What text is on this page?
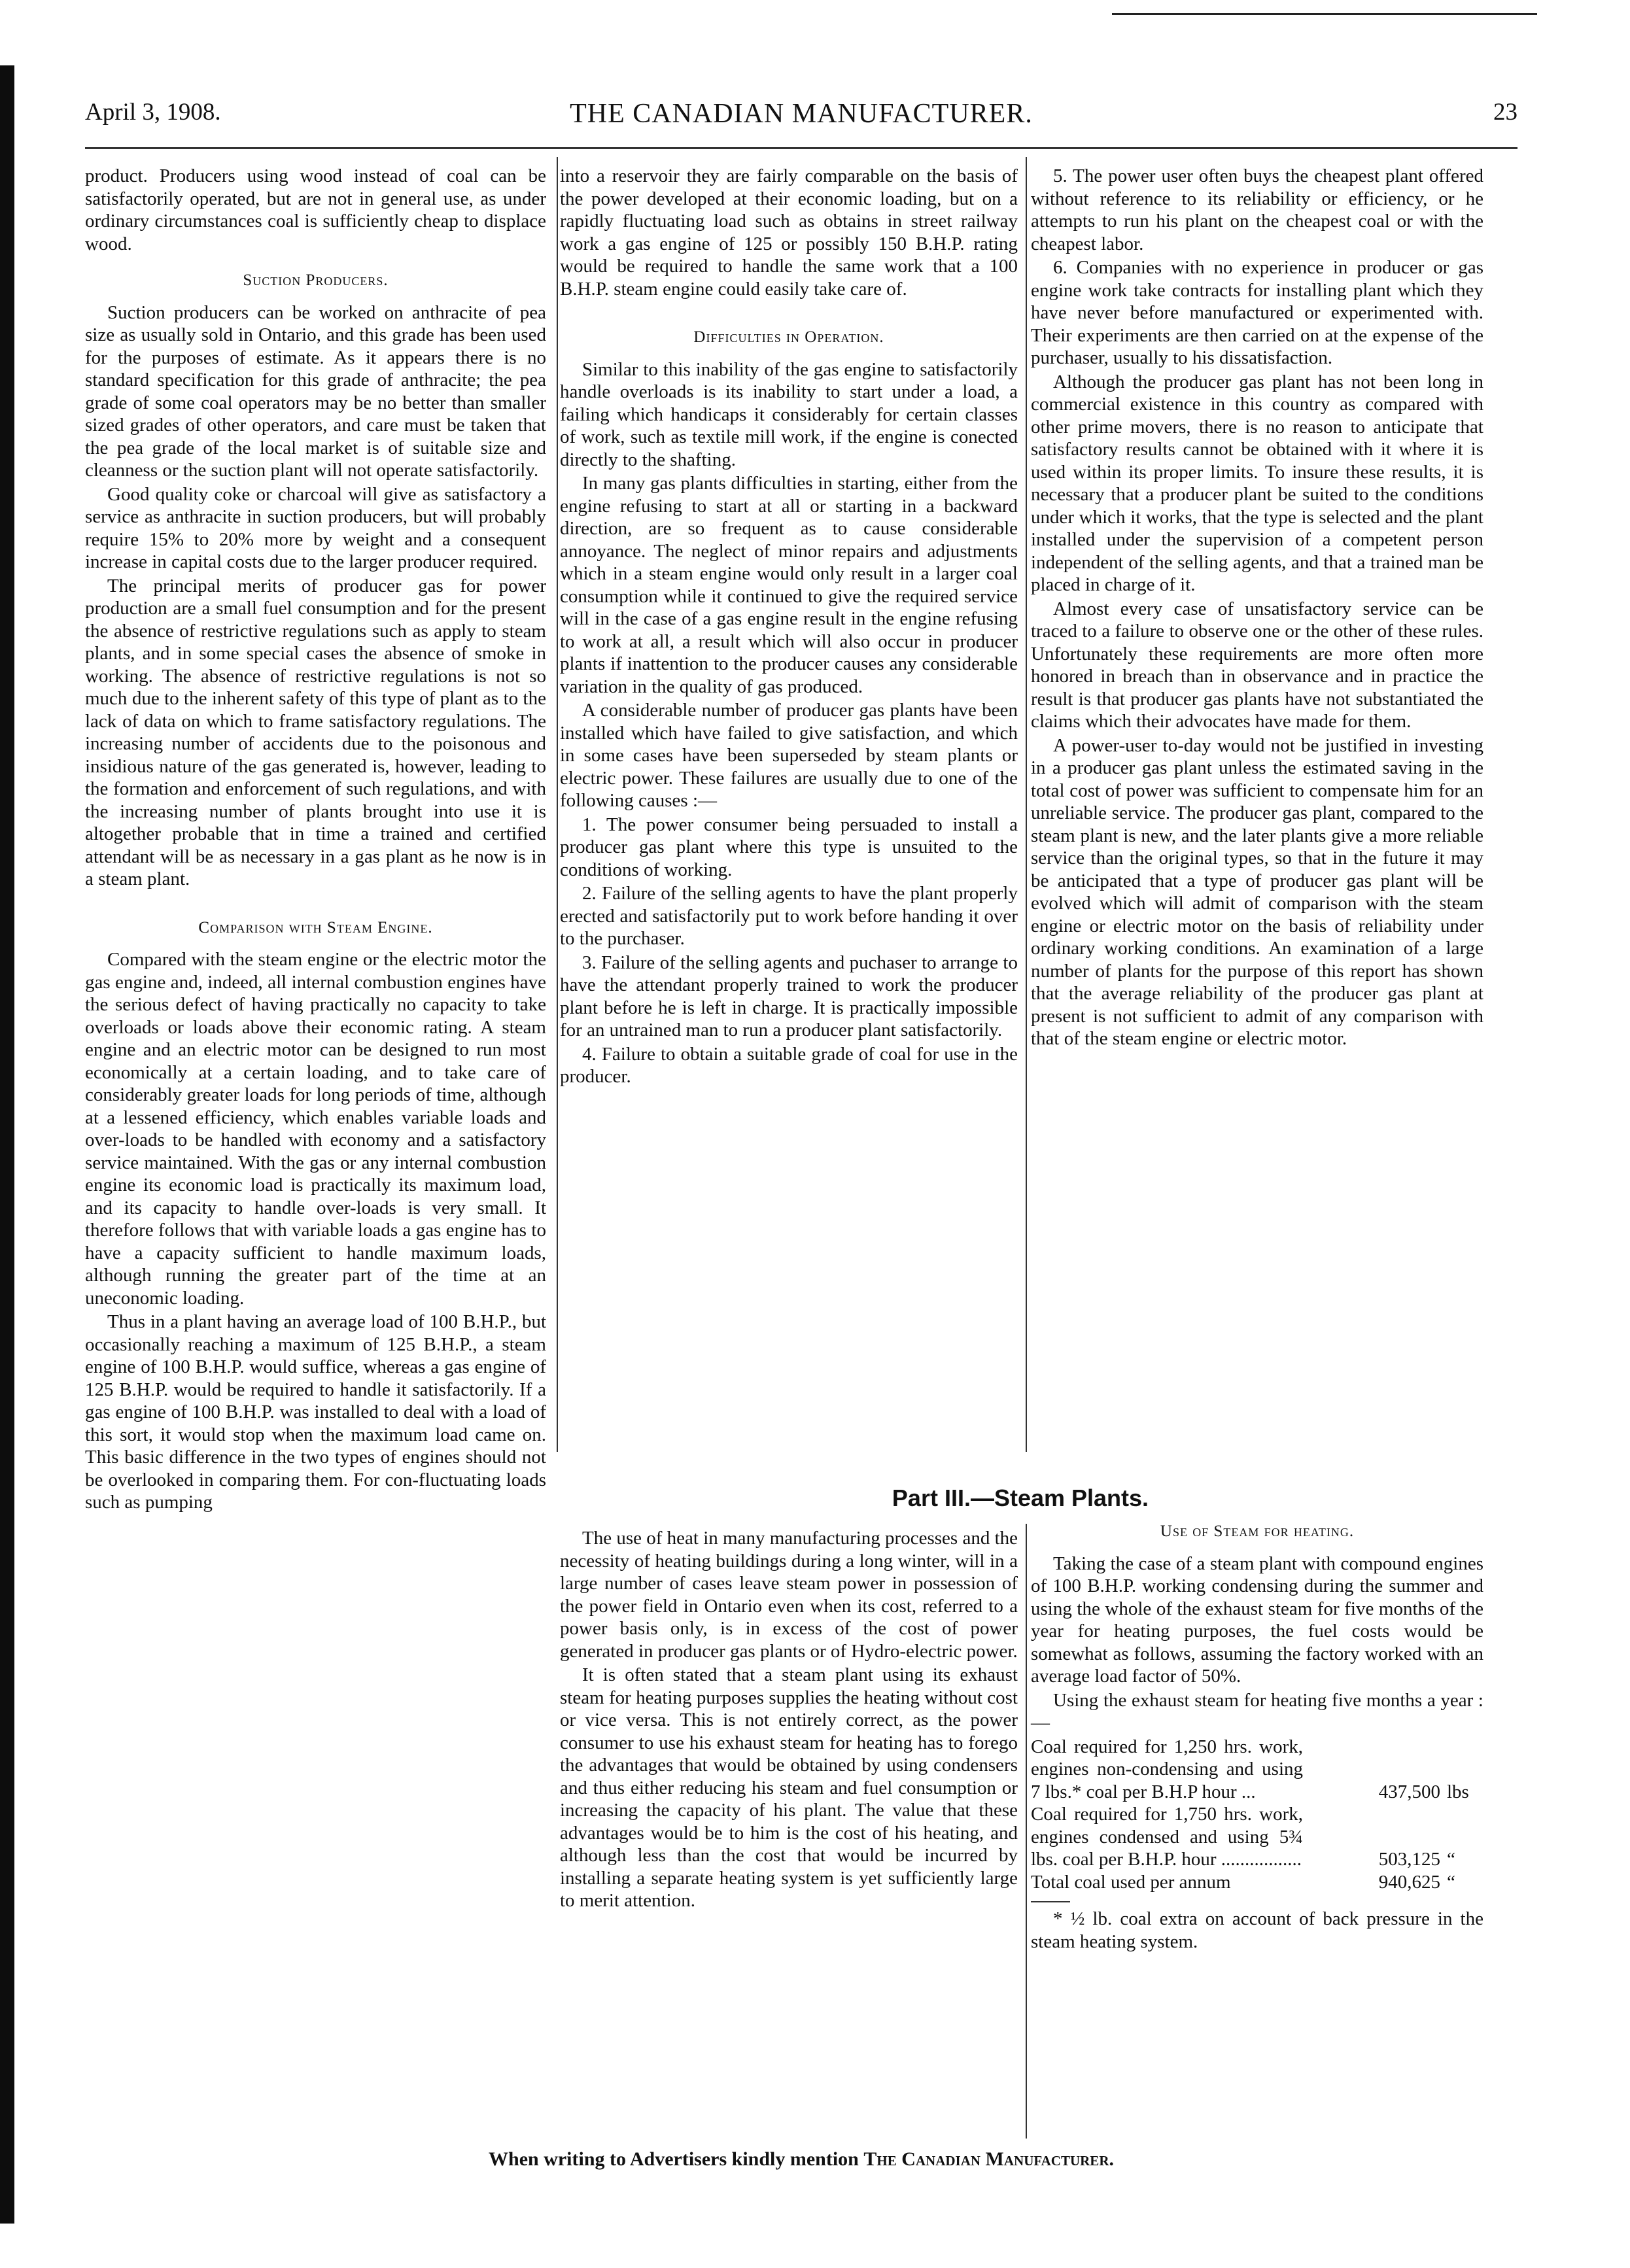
April 3, 1908.	THE CANADIAN MANUFACTURER.	23

product. Producers using wood instead of coal can be satisfactorily operated, but are not in general use, as under ordinary circumstances coal is sufficiently cheap to displace wood.

Suction Producers.

Suction producers can be worked on anthracite of pea size as usually sold in Ontario, and this grade has been used for the purposes of estimate. As it appears there is no standard specification for this grade of anthracite; the pea grade of some coal operators may be no better than smaller sized grades of other operators, and care must be taken that the pea grade of the local market is of suitable size and cleanness or the suction plant will not operate satisfactorily.

Good quality coke or charcoal will give as satisfactory a service as anthracite in suction producers, but will probably require 15% to 20% more by weight and a consequent increase in capital costs due to the larger producer required.

The principal merits of producer gas for power production are a small fuel consumption and for the present the absence of restrictive regulations such as apply to steam plants, and in some special cases the absence of smoke in working. The absence of restrictive regulations is not so much due to the inherent safety of this type of plant as to the lack of data on which to frame satisfactory regulations. The increasing number of accidents due to the poisonous and insidious nature of the gas generated is, however, leading to the formation and enforcement of such regulations, and with the increasing number of plants brought into use it is altogether probable that in time a trained and certified attendant will be as necessary in a gas plant as he now is in a steam plant.

Comparison with Steam Engine.

Compared with the steam engine or the electric motor the gas engine and, indeed, all internal combustion engines have the serious defect of having practically no capacity to take overloads or loads above their economic rating. A steam engine and an electric motor can be designed to run most economically at a certain loading, and to take care of considerably greater loads for long periods of time, although at a lessened efficiency, which enables variable loads and over-loads to be handled with economy and a satisfactory service maintained. With the gas or any internal combustion engine its economic load is practically its maximum load, and its capacity to handle over-loads is very small. It therefore follows that with variable loads a gas engine has to have a capacity sufficient to handle maximum loads, although running the greater part of the time at an uneconomic loading.

Thus in a plant having an average load of 100 B.H.P., but occasionally reaching a maximum of 125 B.H.P., a steam engine of 100 B.H.P. would suffice, whereas a gas engine of 125 B.H.P. would be required to handle it satisfactorily. If a gas engine of 100 B.H.P. was installed to deal with a load of this sort, it would stop when the maximum load came on. This basic difference in the two types of engines should not be overlooked in comparing them. For con-fluctuating loads such as pumping

into a reservoir they are fairly comparable on the basis of the power developed at their economic loading, but on a rapidly fluctuating load such as obtains in street railway work a gas engine of 125 or possibly 150 B.H.P. rating would be required to handle the same work that a 100 B.H.P. steam engine could easily take care of.

Difficulties in Operation.

Similar to this inability of the gas engine to satisfactorily handle overloads is its inability to start under a load, a failing which handicaps it considerably for certain classes of work, such as textile mill work, if the engine is conected directly to the shafting.

In many gas plants difficulties in starting, either from the engine refusing to start at all or starting in a backward direction, are so frequent as to cause considerable annoyance. The neglect of minor repairs and adjustments which in a steam engine would only result in a larger coal consumption while it continued to give the required service will in the case of a gas engine result in the engine refusing to work at all, a result which will also occur in producer plants if inattention to the producer causes any considerable variation in the quality of gas produced.

A considerable number of producer gas plants have been installed which have failed to give satisfaction, and which in some cases have been superseded by steam plants or electric power. These failures are usually due to one of the following causes :—

1. The power consumer being persuaded to install a producer gas plant where this type is unsuited to the conditions of working.

2. Failure of the selling agents to have the plant properly erected and satisfactorily put to work before handing it over to the purchaser.

3. Failure of the selling agents and puchaser to arrange to have the attendant properly trained to work the producer plant before he is left in charge. It is practically impossible for an untrained man to run a producer plant satisfactorily.

4. Failure to obtain a suitable grade of coal for use in the producer.

5. The power user often buys the cheapest plant offered without reference to its reliability or efficiency, or he attempts to run his plant on the cheapest coal or with the cheapest labor.

6. Companies with no experience in producer or gas engine work take contracts for installing plant which they have never before manufactured or experimented with. Their experiments are then carried on at the expense of the purchaser, usually to his dissatisfaction.

Although the producer gas plant has not been long in commercial existence in this country as compared with other prime movers, there is no reason to anticipate that satisfactory results cannot be obtained with it where it is used within its proper limits. To insure these results, it is necessary that a producer plant be suited to the conditions under which it works, that the type is selected and the plant installed under the supervision of a competent person independent of the selling agents, and that a trained man be placed in charge of it.

Almost every case of unsatisfactory service can be traced to a failure to observe one or the other of these rules. Unfortunately these requirements are more often more honored in breach than in observance and in practice the result is that producer gas plants have not substantiated the claims which their advocates have made for them.

A power-user to-day would not be justified in investing in a producer gas plant unless the estimated saving in the total cost of power was sufficient to compensate him for an unreliable service. The producer gas plant, compared to the steam plant is new, and the later plants give a more reliable service than the original types, so that in the future it may be anticipated that a type of producer gas plant will be evolved which will admit of comparison with the steam engine or electric motor on the basis of reliability under ordinary working conditions. An examination of a large number of plants for the purpose of this report has shown that the average reliability of the producer gas plant at present is not sufficient to admit of any comparison with that of the steam engine or electric motor.

Part III.—Steam Plants.

The use of heat in many manufacturing processes and the necessity of heating buildings during a long winter, will in a large number of cases leave steam power in possession of the power field in Ontario even when its cost, referred to a power basis only, is in excess of the cost of power generated in producer gas plants or of Hydro-electric power.

It is often stated that a steam plant using its exhaust steam for heating purposes supplies the heating without cost or vice versa. This is not entirely correct, as the power consumer to use his exhaust steam for heating has to forego the advantages that would be obtained by using condensers and thus either reducing his steam and fuel consumption or increasing the capacity of his plant. The value that these advantages would be to him is the cost of his heating, and although less than the cost that would be incurred by installing a separate heating system is yet sufficiently large to merit attention.

Use of Steam for heating.

Taking the case of a steam plant with compound engines of 100 B.H.P. working condensing during the summer and using the whole of the exhaust steam for five months of the year for heating purposes, the fuel costs would be somewhat as follows, assuming the factory worked with an average load factor of 50%.

Using the exhaust steam for heating five months a year :—

Coal required for 1,250 hrs. work, engines non-condensing and using 7 lbs.* coal per B.H.P hour ...	437,500	lbs
Coal required for 1,750 hrs. work, engines condensed and using 5¾ lbs. coal per B.H.P. hour .................	503,125	“
Total coal used per annum	940,625	“

* ½ lb. coal extra on account of back pressure in the steam heating system.

When writing to Advertisers kindly mention The Canadian Manufacturer.
